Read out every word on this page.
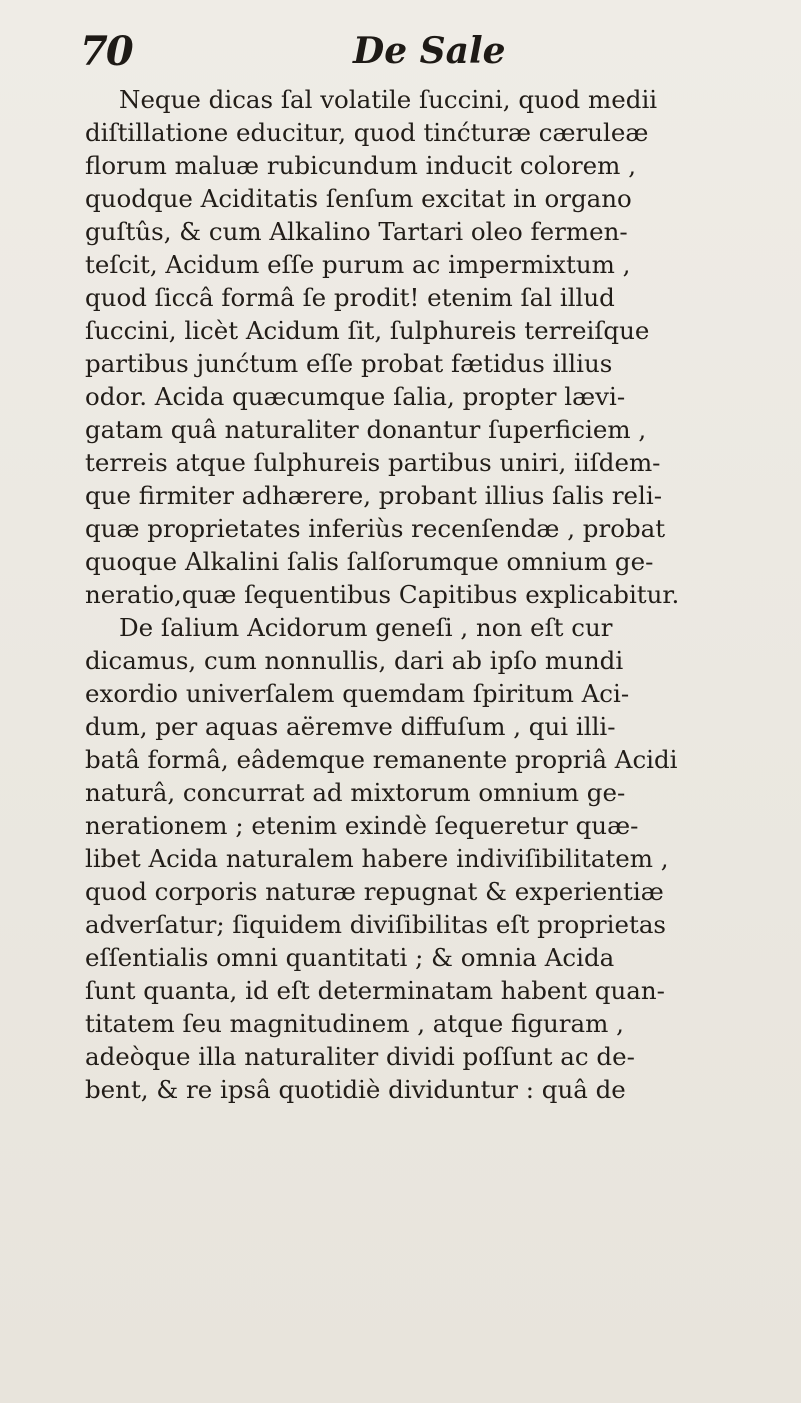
70	De Sale
Neque dicas ſal volatile ſuccini, quod medii
diſtillatione educitur, quod tinćturæ cæruleæ
florum maluæ rubicundum inducit colorem ,
quodque Aciditatis ſenſum excitat in organo
guſtûs, & cum Alkalino Tartari oleo fermen-
teſcit, Acidum eſſe purum ac impermixtum ,
quod ſiccâ formâ ſe prodit! etenim ſal illud
ſuccini, licèt Acidum ſit, ſulphureis terreiſque
partibus junćtum eſſe probat fætidus illius
odor. Acida quæcumque ſalia, propter lævi-
gatam quâ naturaliter donantur ſuperficiem ,
terreis atque ſulphureis partibus uniri, iiſdem-
que firmiter adhærere, probant illius ſalis reli-
quæ proprietates inferiùs recenſendæ , probat
quoque Alkalini ſalis ſalſorumque omnium ge-
neratio,quæ ſequentibus Capitibus explicabitur.
De ſalium Acidorum geneſi , non eſt cur
dicamus, cum nonnullis, dari ab ipſo mundi
exordio univerſalem quemdam ſpiritum Aci-
dum, per aquas aëremve diffuſum , qui illi-
batâ formâ, eâdemque remanente propriâ Acidi
naturâ, concurrat ad mixtorum omnium ge-
nerationem ; etenim exindè ſequeretur quæ-
libet Acida naturalem habere indiviſibilitatem ,
quod corporis naturæ repugnat & experientiæ
adverſatur; ſiquidem diviſibilitas eſt proprietas
eſſentialis omni quantitati ; & omnia Acida
ſunt quanta, id eſt determinatam habent quan-
titatem ſeu magnitudinem , atque figuram ,
adeòque illa naturaliter dividi poſſunt ac de-
bent, & re ipsâ quotidiè dividuntur : quâ de
